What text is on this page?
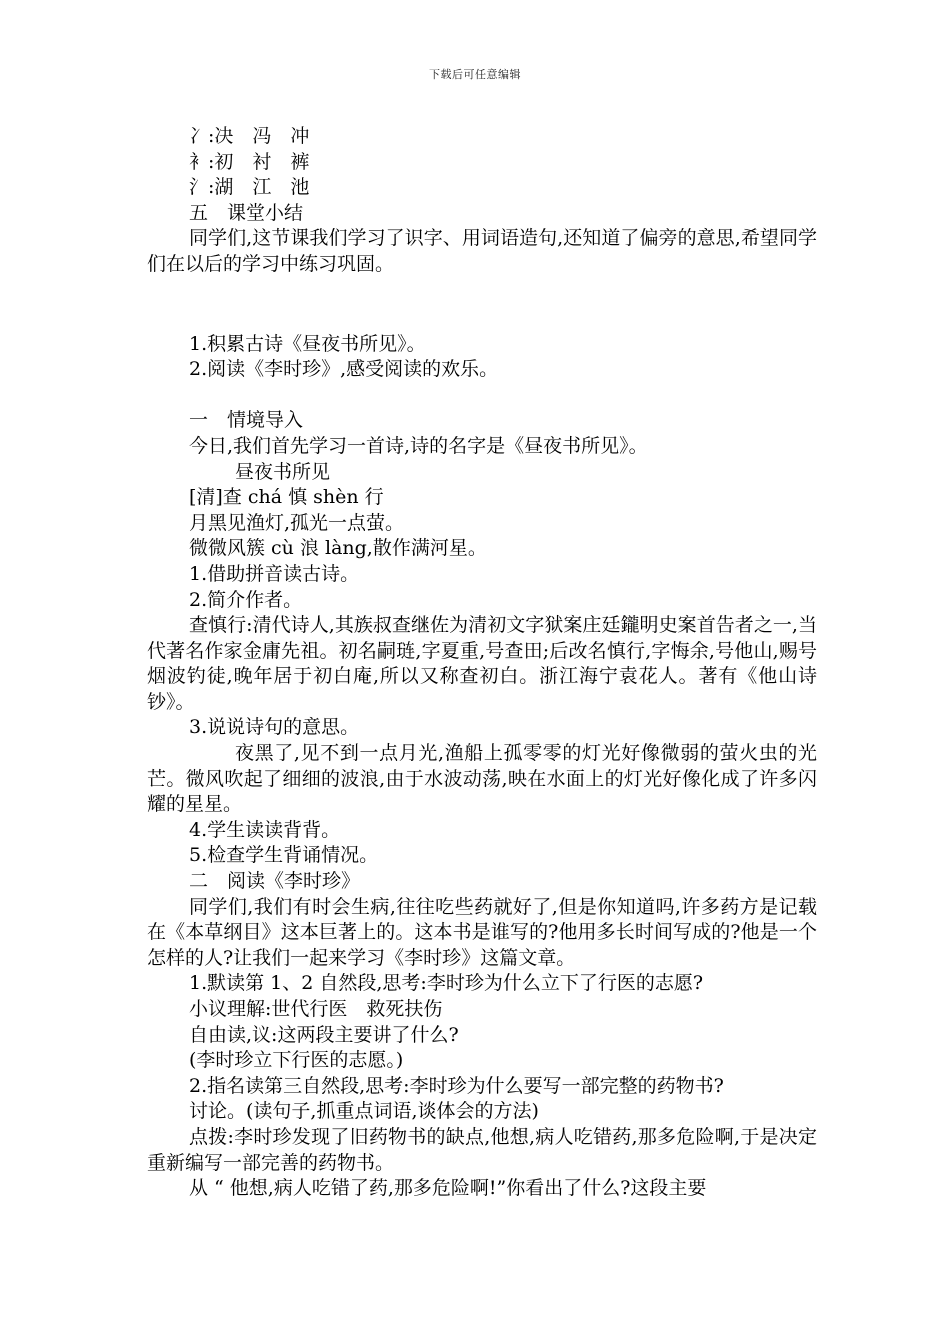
下载后可任意编辑
冫:决　冯　冲
衤:初　衬　裤
氵:湖　江　池
五　课堂小结
同学们,这节课我们学习了识字、用词语造句,还知道了偏旁的意思,希望同学们在以后的学习中练习巩固。
1.积累古诗《昼夜书所见》。
2.阅读《李时珍》,感受阅读的欢乐。
一　情境导入
今日,我们首先学习一首诗,诗的名字是《昼夜书所见》。
昼夜书所见
[清]查 chá 慎 shèn 行
月黑见渔灯,孤光一点萤。
微微风簇 cù 浪 làng,散作满河星。
1.借助拼音读古诗。
2.简介作者。
查慎行:清代诗人,其族叔查继佐为清初文字狱案庄廷鑨明史案首告者之一,当代著名作家金庸先祖。初名嗣琏,字夏重,号查田;后改名慎行,字悔余,号他山,赐号烟波钓徒,晚年居于初白庵,所以又称查初白。浙江海宁袁花人。著有《他山诗钞》。
3.说说诗句的意思。
夜黑了,见不到一点月光,渔船上孤零零的灯光好像微弱的萤火虫的光芒。微风吹起了细细的波浪,由于水波动荡,映在水面上的灯光好像化成了许多闪耀的星星。
4.学生读读背背。
5.检查学生背诵情况。
二　阅读《李时珍》
同学们,我们有时会生病,往往吃些药就好了,但是你知道吗,许多药方是记载在《本草纲目》这本巨著上的。这本书是谁写的?他用多长时间写成的?他是一个怎样的人?让我们一起来学习《李时珍》这篇文章。
1.默读第 1、2 自然段,思考:李时珍为什么立下了行医的志愿?
小议理解:世代行医　救死扶伤
自由读,议:这两段主要讲了什么?
(李时珍立下行医的志愿。)
2.指名读第三自然段,思考:李时珍为什么要写一部完整的药物书?
讨论。(读句子,抓重点词语,谈体会的方法)
点拨:李时珍发现了旧药物书的缺点,他想,病人吃错药,那多危险啊,于是决定重新编写一部完善的药物书。
从 “ 他想,病人吃错了药,那多危险啊!”你看出了什么?这段主要
